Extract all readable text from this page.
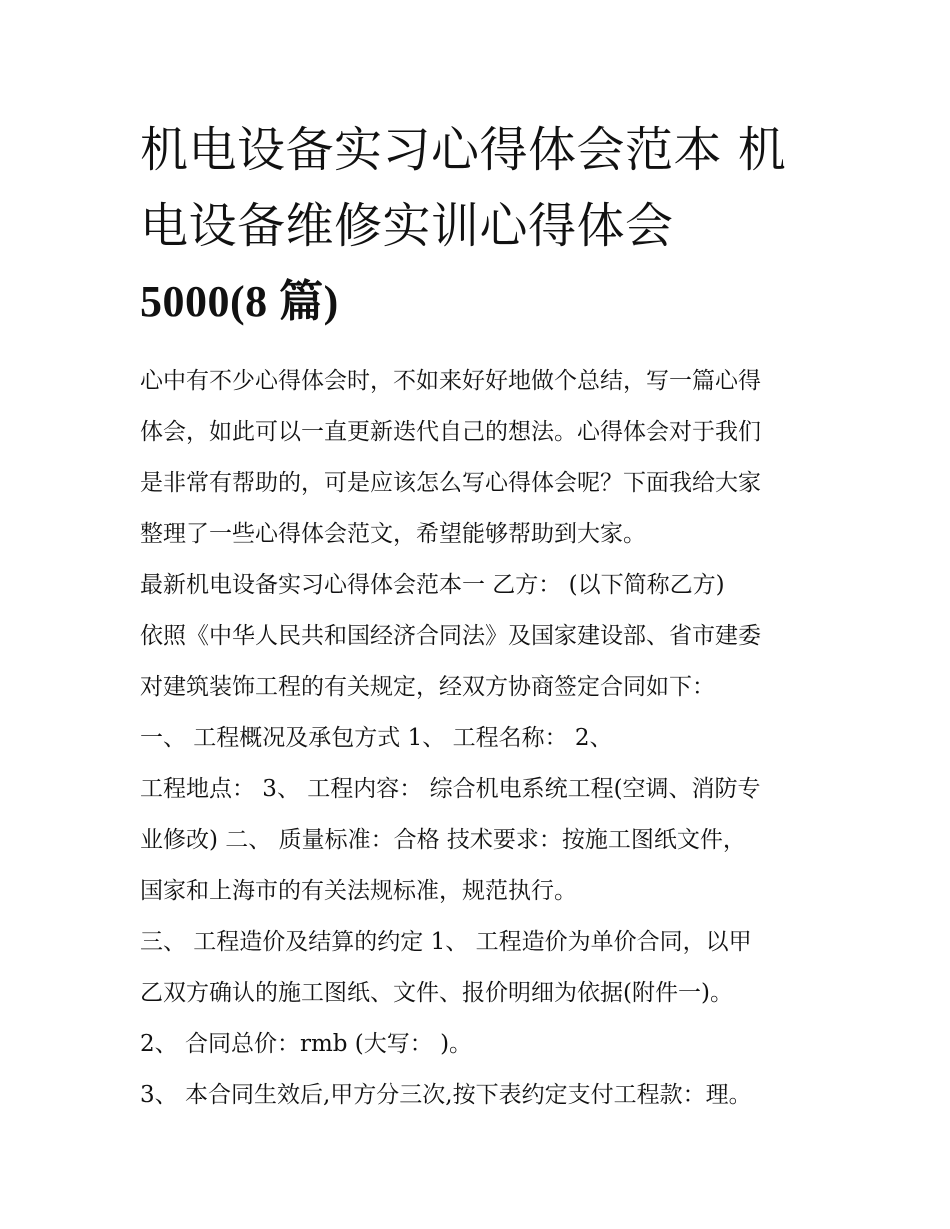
机电设备实习心得体会范本 机
电设备维修实训心得体会
5000(8 篇)
心中有不少心得体会时，不如来好好地做个总结，写一篇心得
体会，如此可以一直更新迭代自己的想法。心得体会对于我们
是非常有帮助的，可是应该怎么写心得体会呢？下面我给大家
整理了一些心得体会范文，希望能够帮助到大家。
最新机电设备实习心得体会范本一 乙方： (以下简称乙方)
依照《中华人民共和国经济合同法》及国家建设部、省市建委
对建筑装饰工程的有关规定，经双方协商签定合同如下：
一、 工程概况及承包方式 1、 工程名称： 2、
工程地点： 3、 工程内容： 综合机电系统工程(空调、消防专
业修改) 二、 质量标准：合格 技术要求：按施工图纸文件，
国家和上海市的有关法规标准，规范执行。
三、 工程造价及结算的约定 1、 工程造价为单价合同，以甲
乙双方确认的施工图纸、文件、报价明细为依据(附件一)。
2、 合同总价：rmb (大写： )。
3、 本合同生效后,甲方分三次,按下表约定支付工程款：理。
